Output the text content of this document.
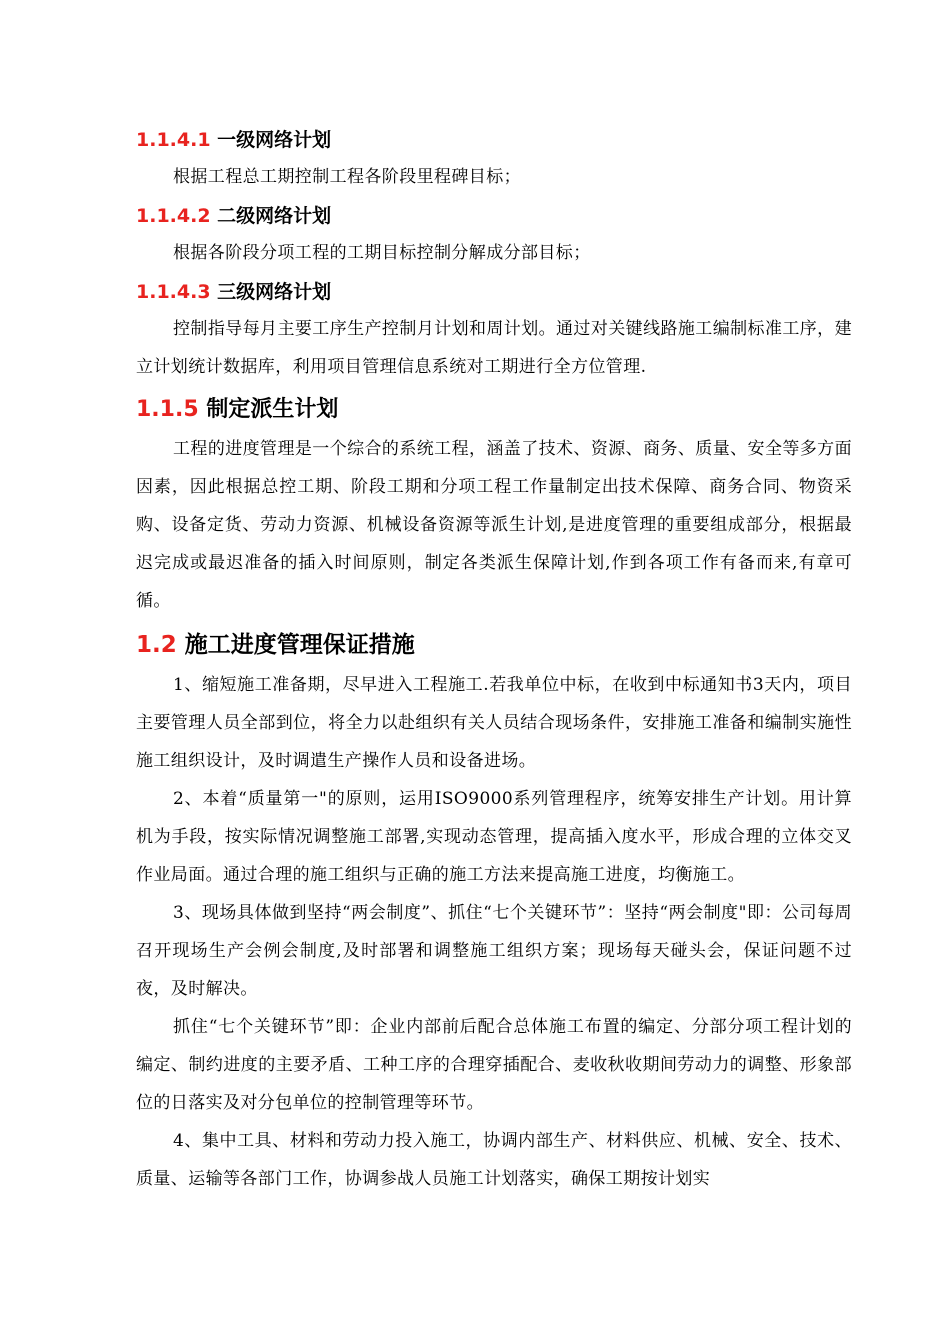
1.1.4.1 一级网络计划

根据工程总工期控制工程各阶段里程碑目标；

1.1.4.2 二级网络计划

根据各阶段分项工程的工期目标控制分解成分部目标；

1.1.4.3 三级网络计划

控制指导每月主要工序生产控制月计划和周计划。通过对关键线路施工编制标准工序，建立计划统计数据库，利用项目管理信息系统对工期进行全方位管理.

1.1.5 制定派生计划

工程的进度管理是一个综合的系统工程，涵盖了技术、资源、商务、质量、安全等多方面因素，因此根据总控工期、阶段工期和分项工程工作量制定出技术保障、商务合同、物资采购、设备定货、劳动力资源、机械设备资源等派生计划,是进度管理的重要组成部分，根据最迟完成或最迟准备的插入时间原则，制定各类派生保障计划,作到各项工作有备而来,有章可循。

1.2 施工进度管理保证措施

1、缩短施工准备期，尽早进入工程施工.若我单位中标，在收到中标通知书3天内，项目主要管理人员全部到位，将全力以赴组织有关人员结合现场条件，安排施工准备和编制实施性施工组织设计，及时调遣生产操作人员和设备进场。

2、本着“质量第一"的原则，运用ISO9000系列管理程序，统筹安排生产计划。用计算机为手段，按实际情况调整施工部署,实现动态管理，提高插入度水平，形成合理的立体交叉作业局面。通过合理的施工组织与正确的施工方法来提高施工进度，均衡施工。

3、现场具体做到坚持“两会制度”、抓住“七个关键环节”：坚持“两会制度"即：公司每周召开现场生产会例会制度,及时部署和调整施工组织方案；现场每天碰头会，保证问题不过夜，及时解决。

抓住“七个关键环节”即：企业内部前后配合总体施工布置的编定、分部分项工程计划的编定、制约进度的主要矛盾、工种工序的合理穿插配合、麦收秋收期间劳动力的调整、形象部位的日落实及对分包单位的控制管理等环节。

4、集中工具、材料和劳动力投入施工，协调内部生产、材料供应、机械、安全、技术、质量、运输等各部门工作，协调参战人员施工计划落实，确保工期按计划实
